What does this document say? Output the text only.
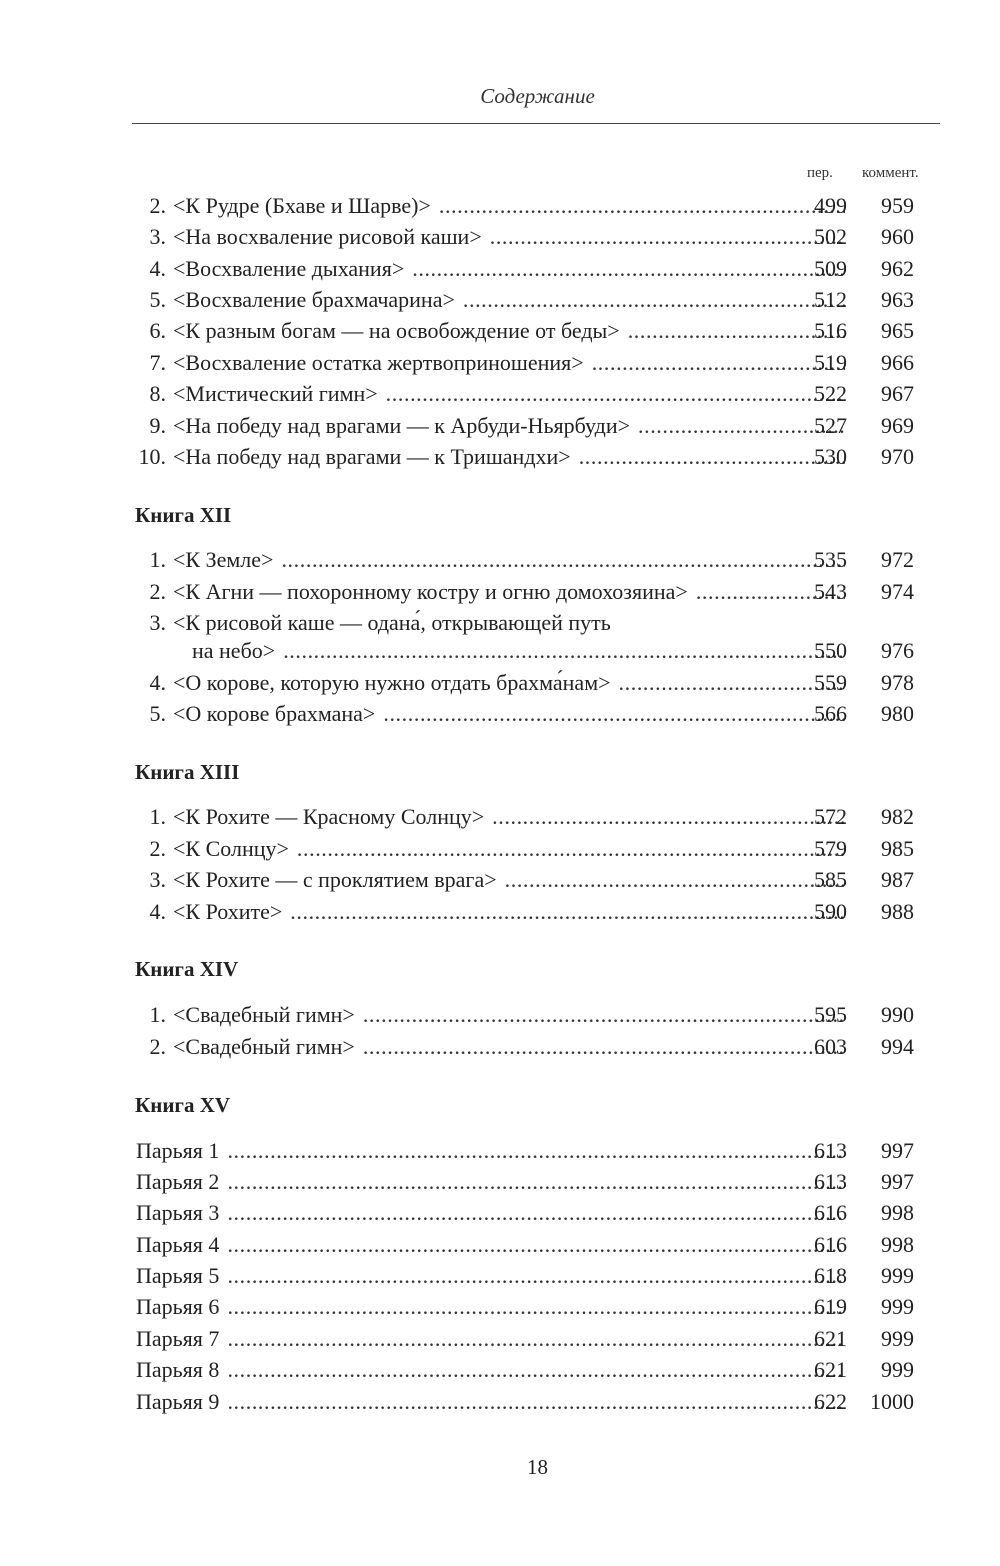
Содержание
пер. коммент.
2. <К Рудре (Бхаве и Шарве)> .....	499	959
3. <На восхваление рисовой каши> .....	502	960
4. <Восхваление дыхания> .....	509	962
5. <Восхваление брахмачарина> .....	512	963
6. <К разным богам — на освобождение от беды> .....	516	965
7. <Восхваление остатка жертвоприношения> .....	519	966
8. <Мистический гимн> .....	522	967
9. <На победу над врагами — к Арбуди-Ньярбуди> .....	527	969
10. <На победу над врагами — к Тришандхи> .....	530	970
Книга XII
1. <К Земле> .....	535	972
2. <К Агни — похоронному костру и огню домохозяина> .....	543	974
3. <К рисовой каше — одана́, открывающей путь
на небо> .....	550	976
4. <О корове, которую нужно отдать брахма́нам> .....	559	978
5. <О корове брахмана> .....	566	980
Книга XIII
1. <К Рохите — Красному Солнцу> .....	572	982
2. <К Солнцу> .....	579	985
3. <К Рохите — с проклятием врага> .....	585	987
4. <К Рохите> .....	590	988
Книга XIV
1. <Свадебный гимн> .....	595	990
2. <Свадебный гимн> .....	603	994
Книга XV
Парьяя 1 .....	613	997
Парьяя 2 .....	613	997
Парьяя 3 .....	616	998
Парьяя 4 .....	616	998
Парьяя 5 .....	618	999
Парьяя 6 .....	619	999
Парьяя 7 .....	621	999
Парьяя 8 .....	621	999
Парьяя 9 .....	622	1000
18
